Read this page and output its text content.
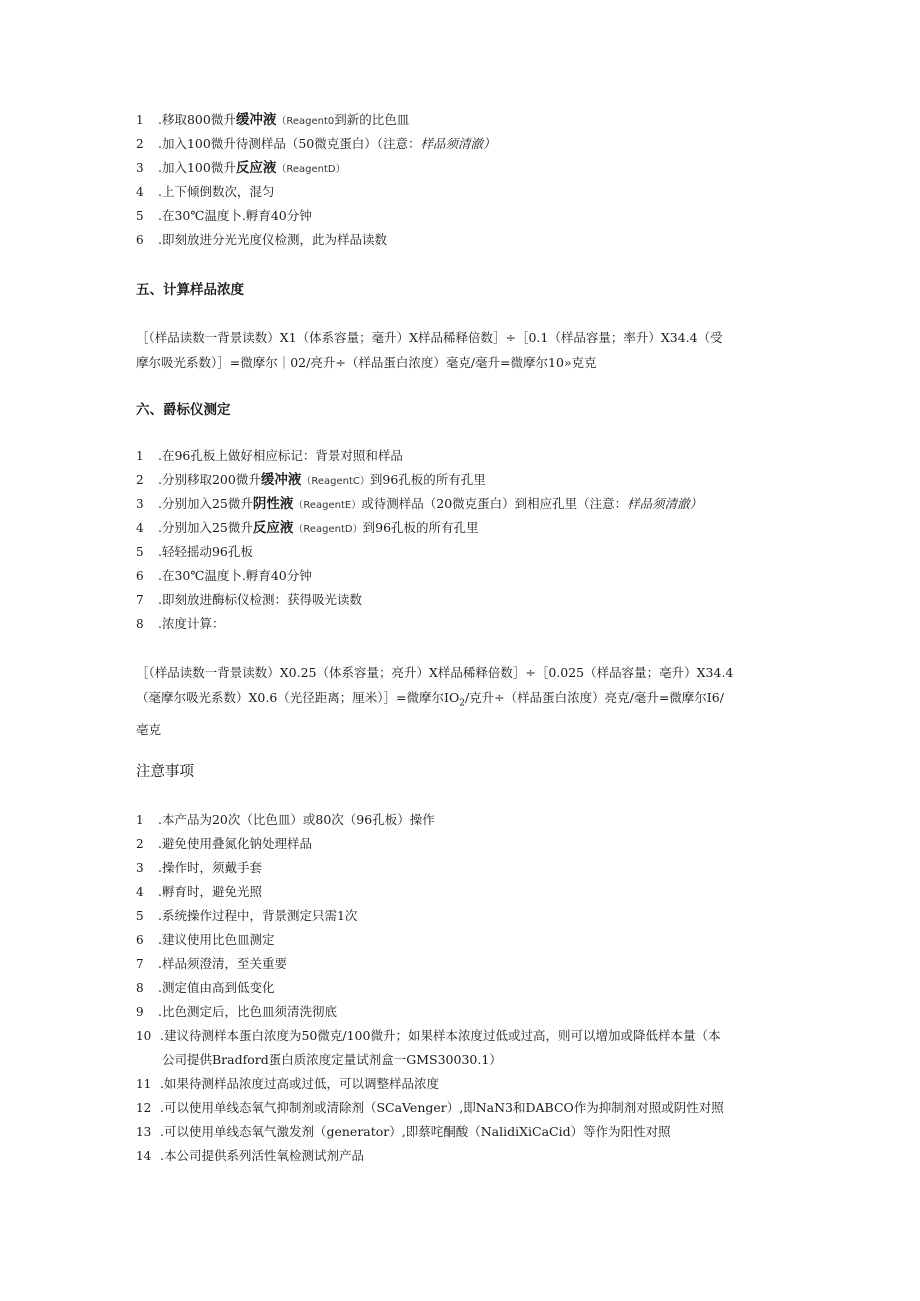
1	.移取800微升缓冲液（Reagent0到新的比色皿
2	.加入100微升待测样品（50微克蛋白）（注意：样品须清澈）
3	.加入100微升反应液（ReagentD）
4	.上下倾倒数次，混匀
5	.在30℃温度卜.孵育40分钟
6	.即刻放进分光光度仪检测，此为样品读数
五、计算样品浓度
［（样品读数一背景读数）X1（体系容量；毫升）X样品稀释倍数］÷［0.1（样品容量；率升）X34.4（受
摩尔吸光系数）］=微摩尔｜02/亮升÷（样品蛋白浓度）毫克/毫升=微摩尔10»克克
六、爵标仪测定
1	.在96孔板上做好相应标记：背景对照和样品
2	.分别移取200微升缓冲液（ReagentC）到96孔板的所有孔里
3	.分别加入25微升阴性液（ReagentE）或待测样品（20微克蛋白）到相应孔里（注意：样品须清澈）
4	.分别加入25微升反应液（ReagentD）到96孔板的所有孔里
5	.轻轻摇动96孔板
6	.在30℃温度卜.孵育40分钟
7	.即刻放进酶标仪检测：获得吸光读数
8	.浓度计算：
［（样品读数一背景读数）X0.25（体系容量；亮升）X样品稀释倍数］÷［0.025（样品容量；亳升）X34.4
（毫摩尔吸光系数）X0.6（光径距离；厘米）］=微摩尔$IO_2/$克升÷（样品蛋白浓度）亮克/毫升=微摩尔I6/
亳克
注意事项
1	.本产品为20次（比色皿）或80次（96孔板）操作
2	.避免使用叠氮化钠处理样品
3	.操作时，须戴手套
4	.孵育时，避免光照
5	.系统操作过程中，背景测定只需1次
6	.建议使用比色皿测定
7	.样品须澄清，至关重要
8	.测定值由高到低变化
9	.比色测定后，比色皿须清洗彻底
10 .建议待测样本蛋白浓度为50微克/100微升；如果样本浓度过低或过高，则可以增加或降低样本量（本
公司提供Bradford蛋白质浓度定量试剂盒一GMS30030.1）
11 .如果待测样品浓度过高或过低，可以调整样品浓度
12 .可以使用单线态氧气抑制剂或清除剂（SCaVenger）,即NaN3和DABCO作为抑制剂对照或阴性对照
13 .可以使用单线态氧气激发剂（generator）,即蔡咤酮酸（NalidiXiCaCid）等作为阳性对照
14 .本公司提供系列活性氧检测试剂产品
